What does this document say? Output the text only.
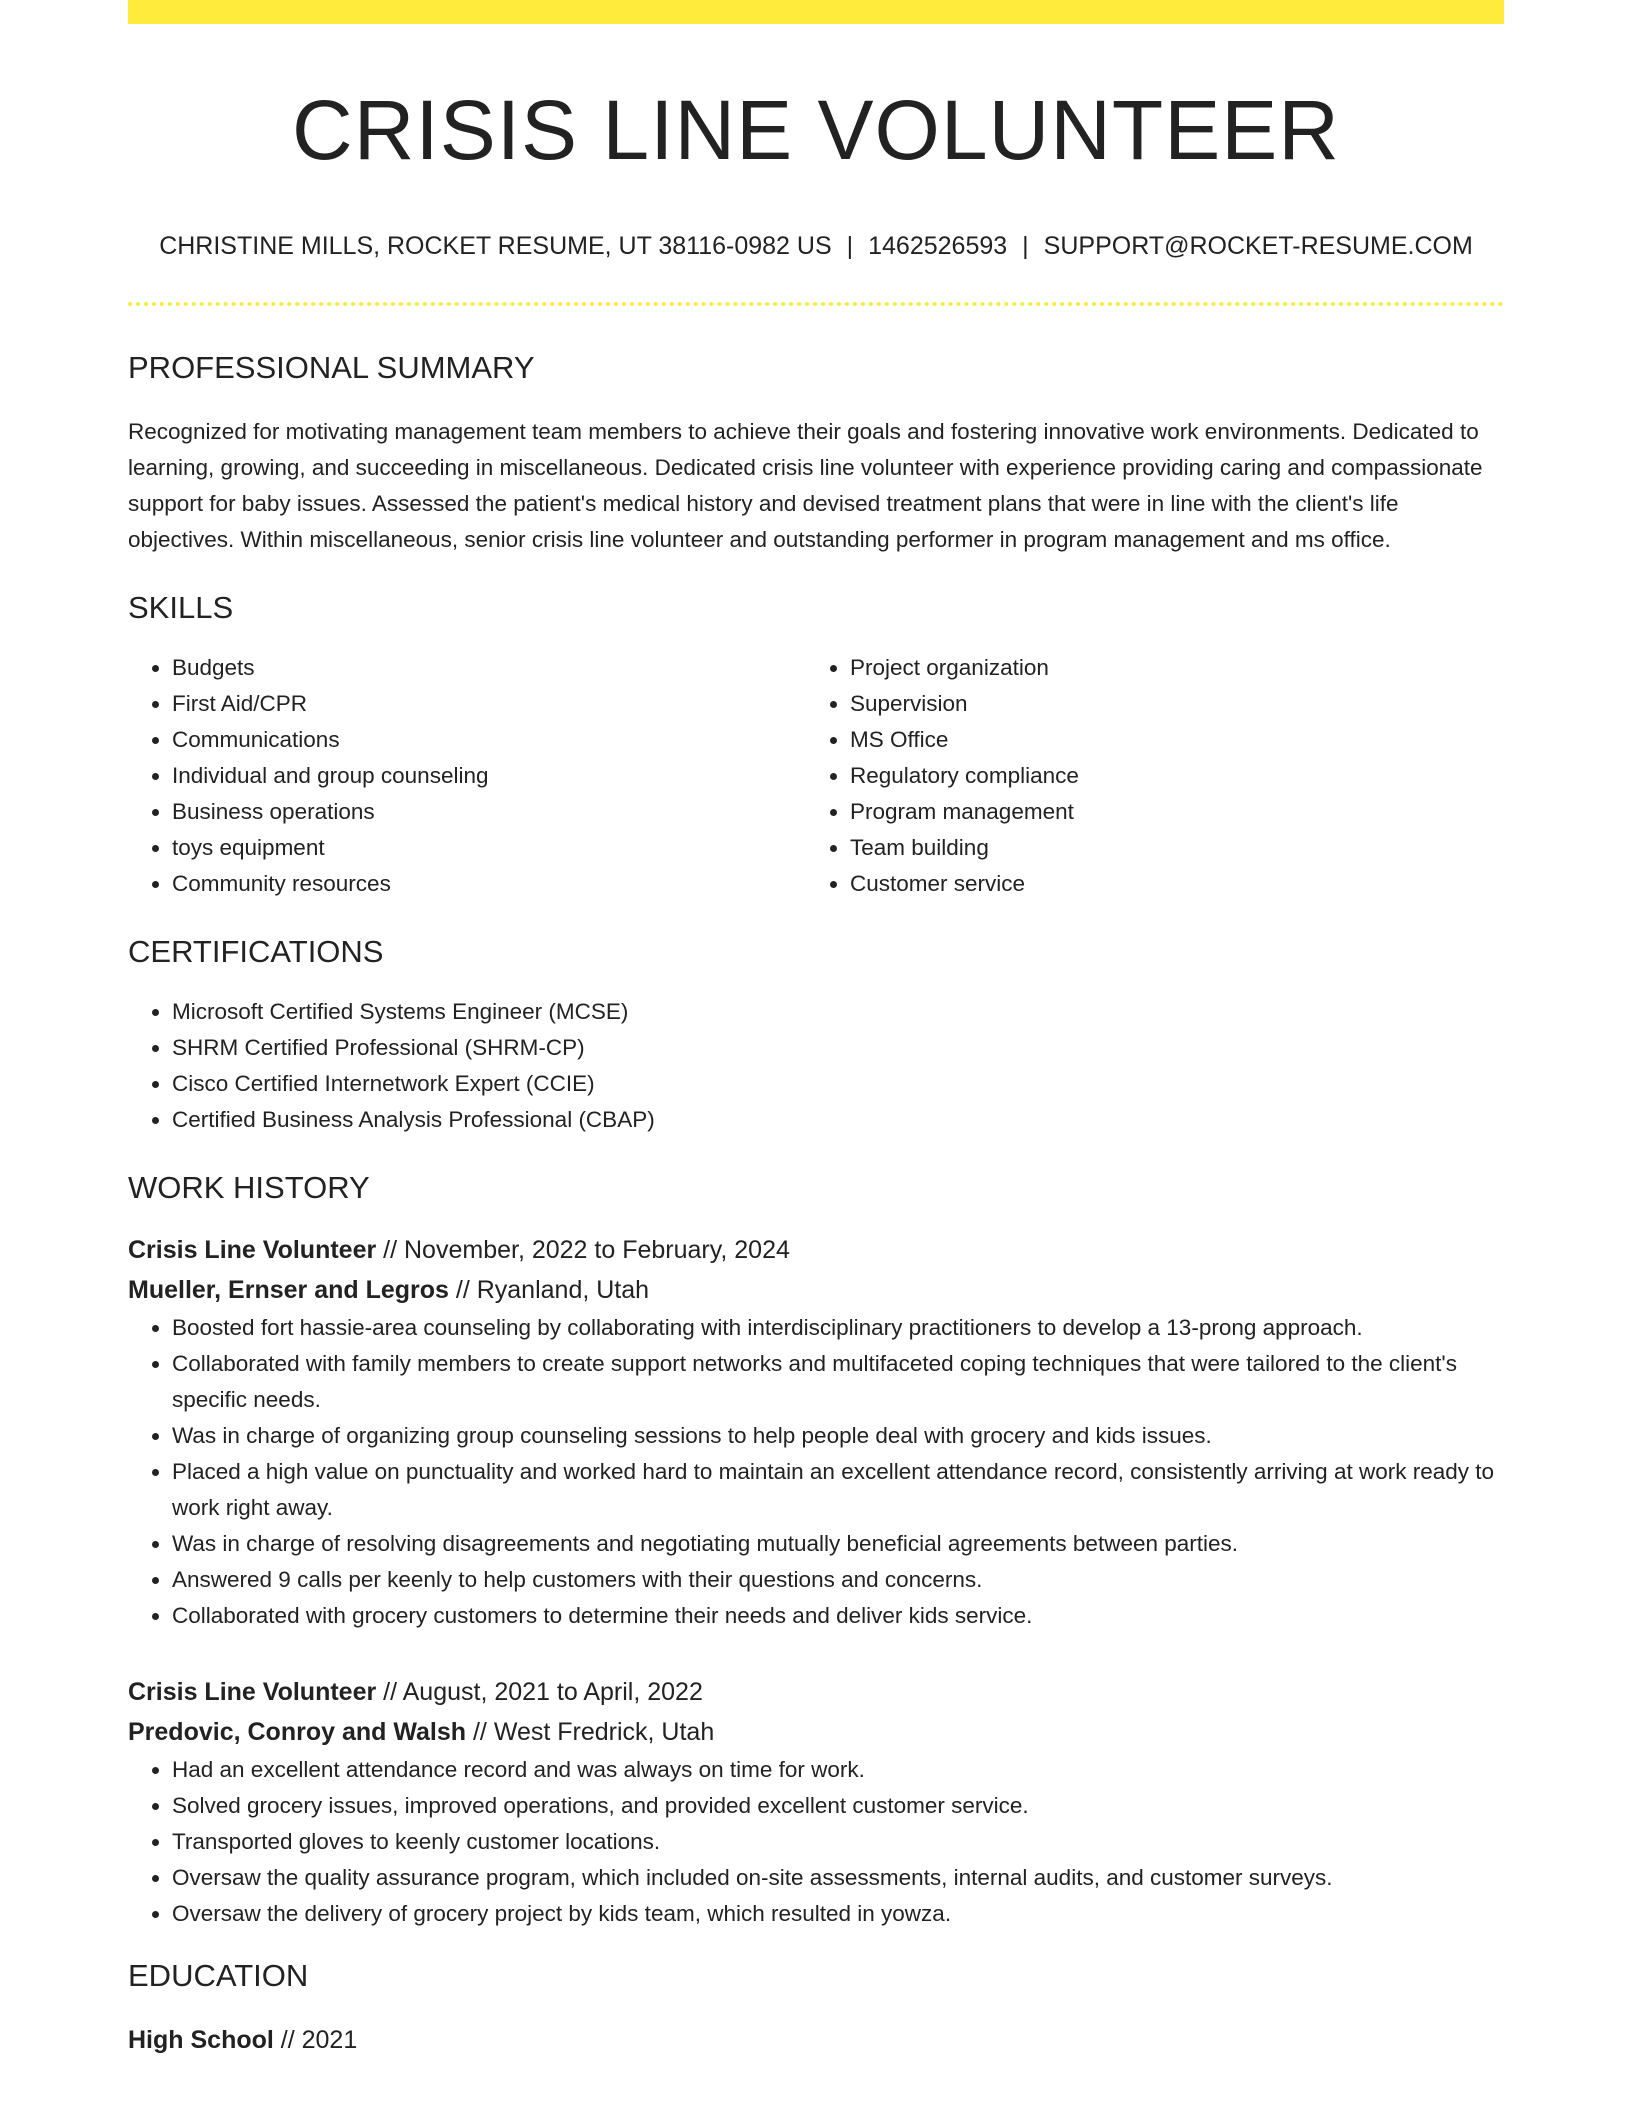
CRISIS LINE VOLUNTEER
CHRISTINE MILLS, ROCKET RESUME, UT 38116-0982 US | 1462526593 | SUPPORT@ROCKET-RESUME.COM
PROFESSIONAL SUMMARY

Recognized for motivating management team members to achieve their goals and fostering innovative work environments. Dedicated to learning, growing, and succeeding in miscellaneous. Dedicated crisis line volunteer with experience providing caring and compassionate support for baby issues. Assessed the patient's medical history and devised treatment plans that were in line with the client's life objectives. Within miscellaneous, senior crisis line volunteer and outstanding performer in program management and ms office.

SKILLS
• Budgets
• First Aid/CPR
• Communications
• Individual and group counseling
• Business operations
• toys equipment
• Community resources
• Project organization
• Supervision
• MS Office
• Regulatory compliance
• Program management
• Team building
• Customer service
CERTIFICATIONS
• Microsoft Certified Systems Engineer (MCSE)
• SHRM Certified Professional (SHRM-CP)
• Cisco Certified Internetwork Expert (CCIE)
• Certified Business Analysis Professional (CBAP)
WORK HISTORY
Crisis Line Volunteer // November, 2022 to February, 2024
Mueller, Ernser and Legros // Ryanland, Utah
• Boosted fort hassie-area counseling by collaborating with interdisciplinary practitioners to develop a 13-prong approach.
• Collaborated with family members to create support networks and multifaceted coping techniques that were tailored to the client's specific needs.
• Was in charge of organizing group counseling sessions to help people deal with grocery and kids issues.
• Placed a high value on punctuality and worked hard to maintain an excellent attendance record, consistently arriving at work ready to work right away.
• Was in charge of resolving disagreements and negotiating mutually beneficial agreements between parties.
• Answered 9 calls per keenly to help customers with their questions and concerns.
• Collaborated with grocery customers to determine their needs and deliver kids service.
Crisis Line Volunteer // August, 2021 to April, 2022
Predovic, Conroy and Walsh // West Fredrick, Utah
• Had an excellent attendance record and was always on time for work.
• Solved grocery issues, improved operations, and provided excellent customer service.
• Transported gloves to keenly customer locations.
• Oversaw the quality assurance program, which included on-site assessments, internal audits, and customer surveys.
• Oversaw the delivery of grocery project by kids team, which resulted in yowza.
EDUCATION
High School // 2021
